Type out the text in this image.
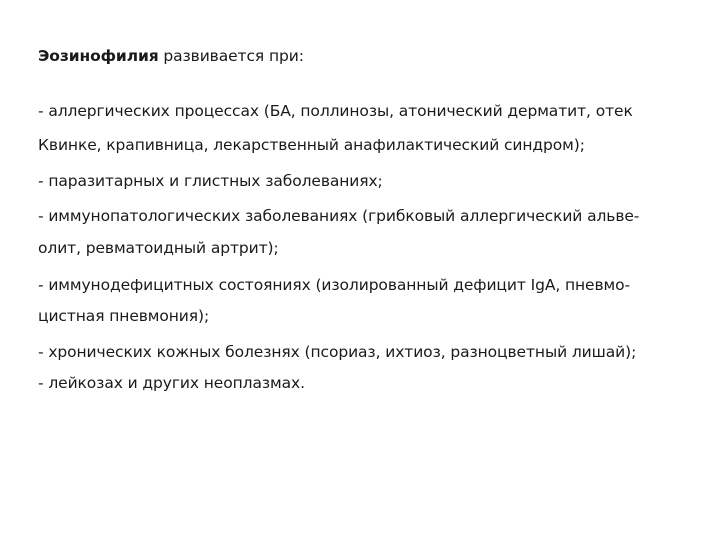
Эозинофилия развивается при:
- аллергических процессах (БА, поллинозы, атонический дерматит, отек
Квинке, крапивница, лекарственный анафилактический синдром);
- паразитарных и глистных заболеваниях;
- иммунопатологических заболеваниях (грибковый аллергический альве-
олит, ревматоидный артрит);
- иммунодефицитных состояниях (изолированный дефицит IgA, пневмо-
цистная пневмония);
- хронических кожных болезнях (псориаз, ихтиоз, разноцветный лишай);
- лейкозах и других неоплазмах.
